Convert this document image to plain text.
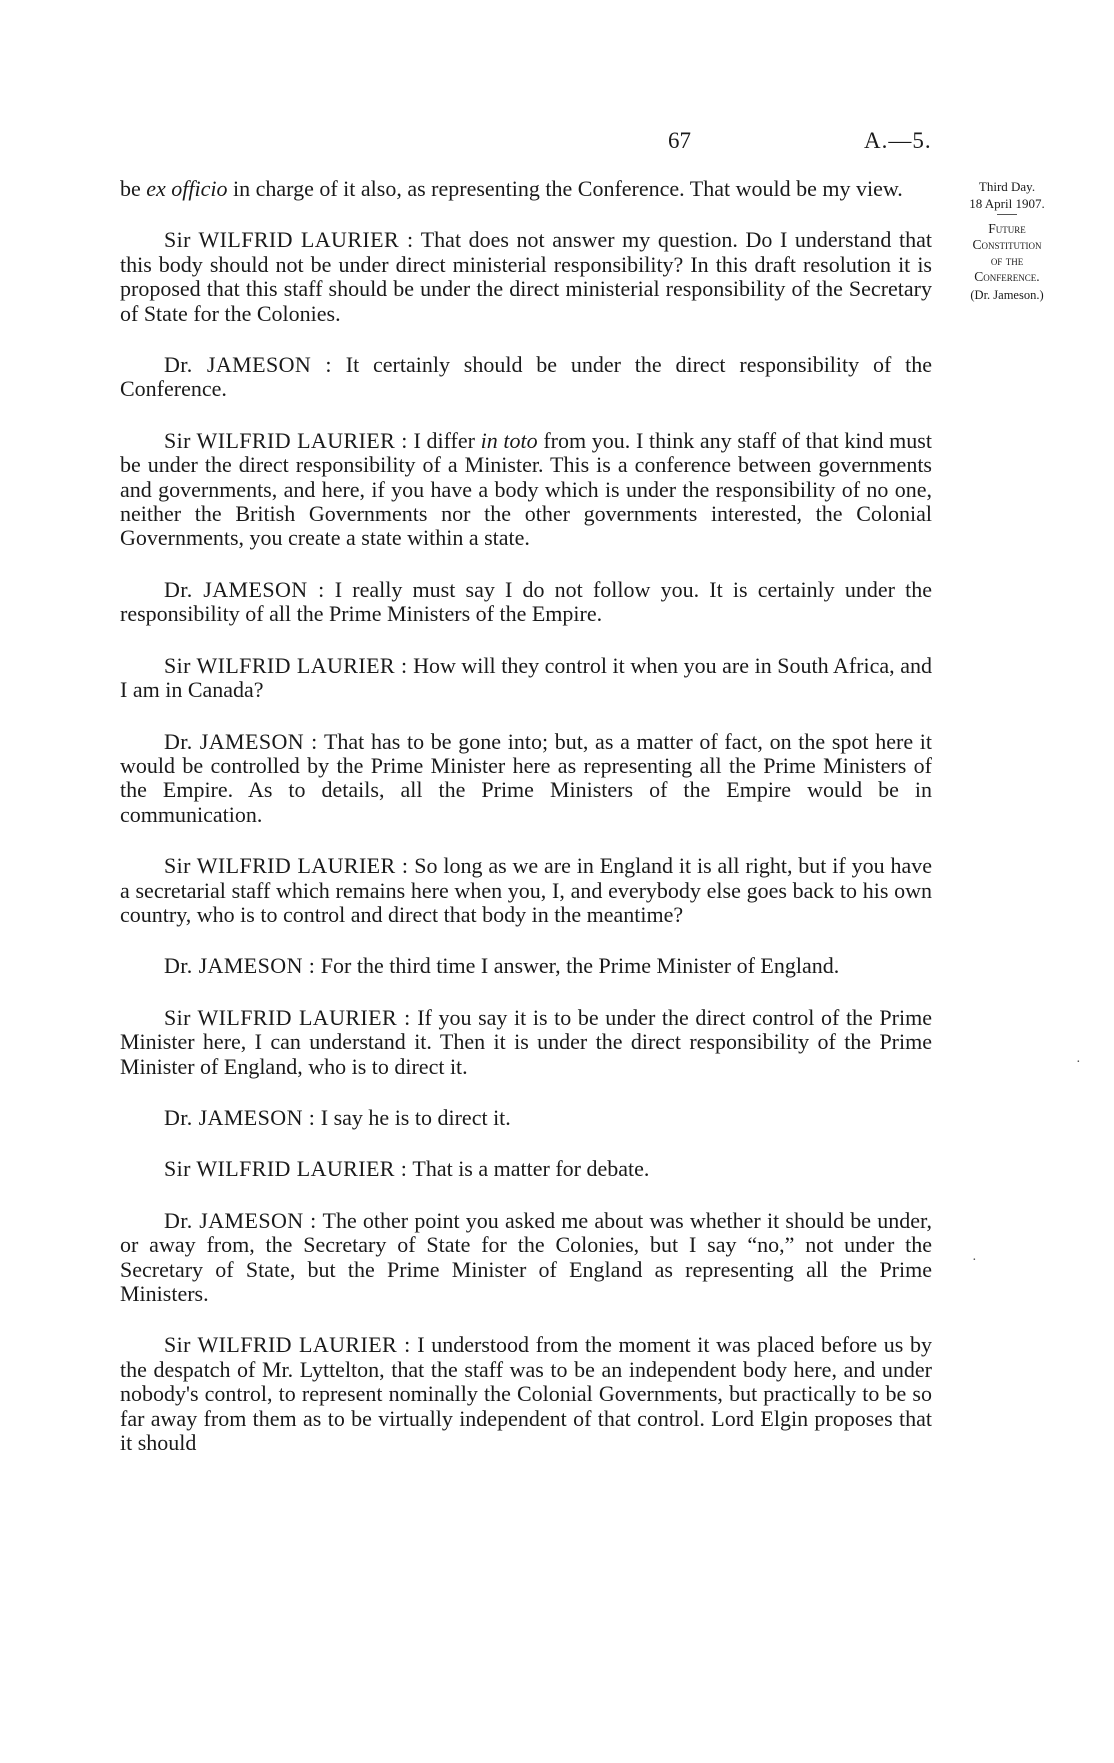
67	A.—5.
Third Day.
18 April 1907.
Future
Constitution
of the
Conference.
(Dr. Jameson.)

be ex officio in charge of it also, as representing the Conference. That would be my view.

Sir WILFRID LAURIER : That does not answer my question. Do I understand that this body should not be under direct ministerial responsibility? In this draft resolution it is proposed that this staff should be under the direct ministerial responsibility of the Secretary of State for the Colonies.

Dr. JAMESON : It certainly should be under the direct responsibility of the Conference.

Sir WILFRID LAURIER : I differ in toto from you. I think any staff of that kind must be under the direct responsibility of a Minister. This is a conference between governments and governments, and here, if you have a body which is under the responsibility of no one, neither the British Governments nor the other governments interested, the Colonial Governments, you create a state within a state.

Dr. JAMESON : I really must say I do not follow you. It is certainly under the responsibility of all the Prime Ministers of the Empire.

Sir WILFRID LAURIER : How will they control it when you are in South Africa, and I am in Canada?

Dr. JAMESON : That has to be gone into; but, as a matter of fact, on the spot here it would be controlled by the Prime Minister here as representing all the Prime Ministers of the Empire. As to details, all the Prime Ministers of the Empire would be in communication.

Sir WILFRID LAURIER : So long as we are in England it is all right, but if you have a secretarial staff which remains here when you, I, and everybody else goes back to his own country, who is to control and direct that body in the meantime?

Dr. JAMESON : For the third time I answer, the Prime Minister of England.

Sir WILFRID LAURIER : If you say it is to be under the direct control of the Prime Minister here, I can understand it. Then it is under the direct responsibility of the Prime Minister of England, who is to direct it.

Dr. JAMESON : I say he is to direct it.

Sir WILFRID LAURIER : That is a matter for debate.

Dr. JAMESON : The other point you asked me about was whether it should be under, or away from, the Secretary of State for the Colonies, but I say “no,” not under the Secretary of State, but the Prime Minister of England as representing all the Prime Ministers.

Sir WILFRID LAURIER : I understood from the moment it was placed before us by the despatch of Mr. Lyttelton, that the staff was to be an independent body here, and under nobody's control, to represent nominally the Colonial Governments, but practically to be so far away from them as to be virtually independent of that control. Lord Elgin proposes that it should

·
·
